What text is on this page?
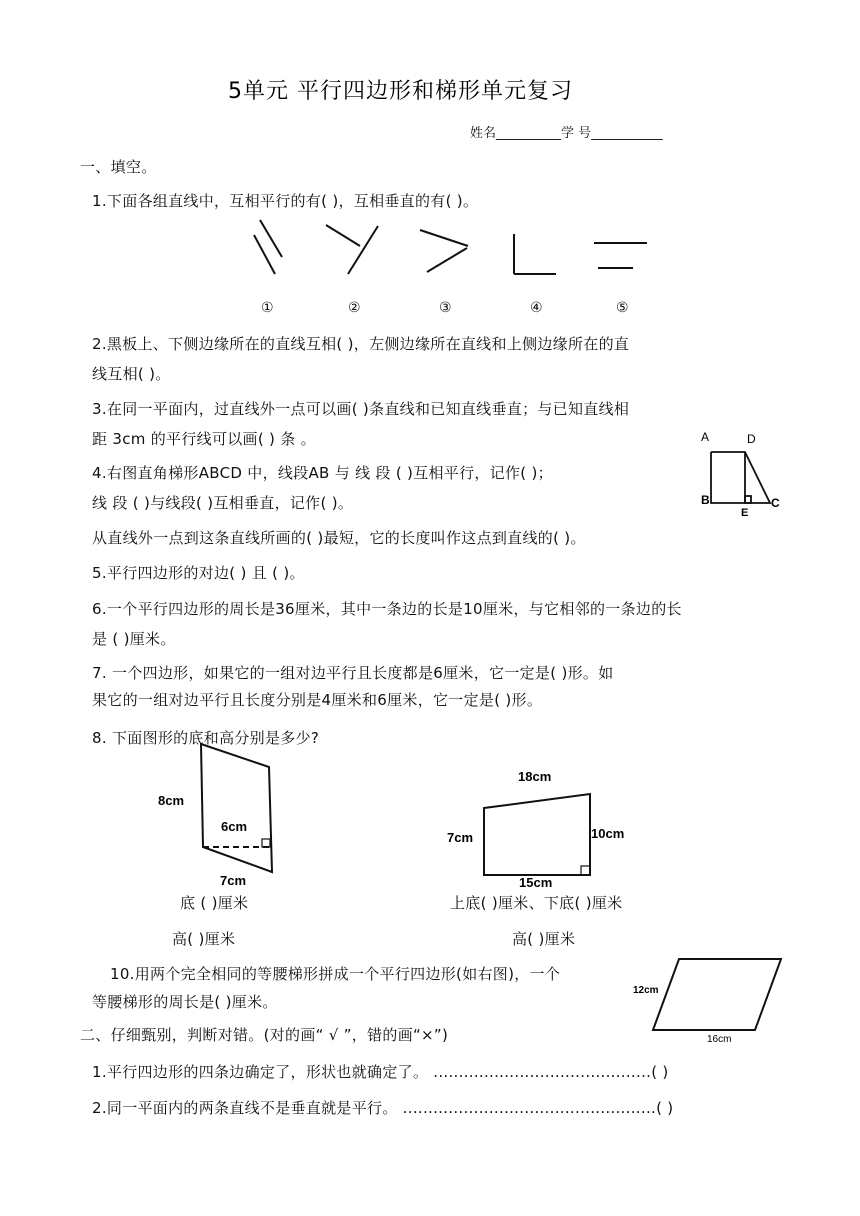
5单元 平行四边形和梯形单元复习
姓名__________学 号___________
一、填空。
1.下面各组直线中，互相平行的有( )，互相垂直的有( )。
①	②	③	④	⑤
2.黑板上、下侧边缘所在的直线互相( )，左侧边缘所在直线和上侧边缘所在的直
线互相( )。
3.在同一平面内，过直线外一点可以画( )条直线和已知直线垂直；与已知直线相
距 3cm 的平行线可以画( ) 条 。
4.右图直角梯形ABCD 中，线段AB 与 线 段 ( )互相平行，记作( )；
线 段 ( )与线段( )互相垂直，记作( )。
从直线外一点到这条直线所画的( )最短，它的长度叫作这点到直线的( )。
A	D
B
E
C
5.平行四边形的对边( ) 且 ( )。
6.一个平行四边形的周长是36厘米，其中一条边的长是10厘米，与它相邻的一条边的长
是 ( )厘米。
7. 一个四边形，如果它的一组对边平行且长度都是6厘米，它一定是( )形。如
果它的一组对边平行且长度分别是4厘米和6厘米，它一定是( )形。
8. 下面图形的底和高分别是多少?
8cm
6cm
7cm
18cm
7cm	10cm
15cm
底 ( )厘米
高( )厘米
上底( )厘米、下底( )厘米
高( )厘米
10.用两个完全相同的等腰梯形拼成一个平行四边形(如右图)，一个
等腰梯形的周长是( )厘米。
12cm
16cm
二、仔细甄别，判断对错。(对的画“ √ ”，错的画“×”)
1.平行四边形的四条边确定了，形状也就确定了。 ...........................................( )
2.同一平面内的两条直线不是垂直就是平行。 ..................................................( )
